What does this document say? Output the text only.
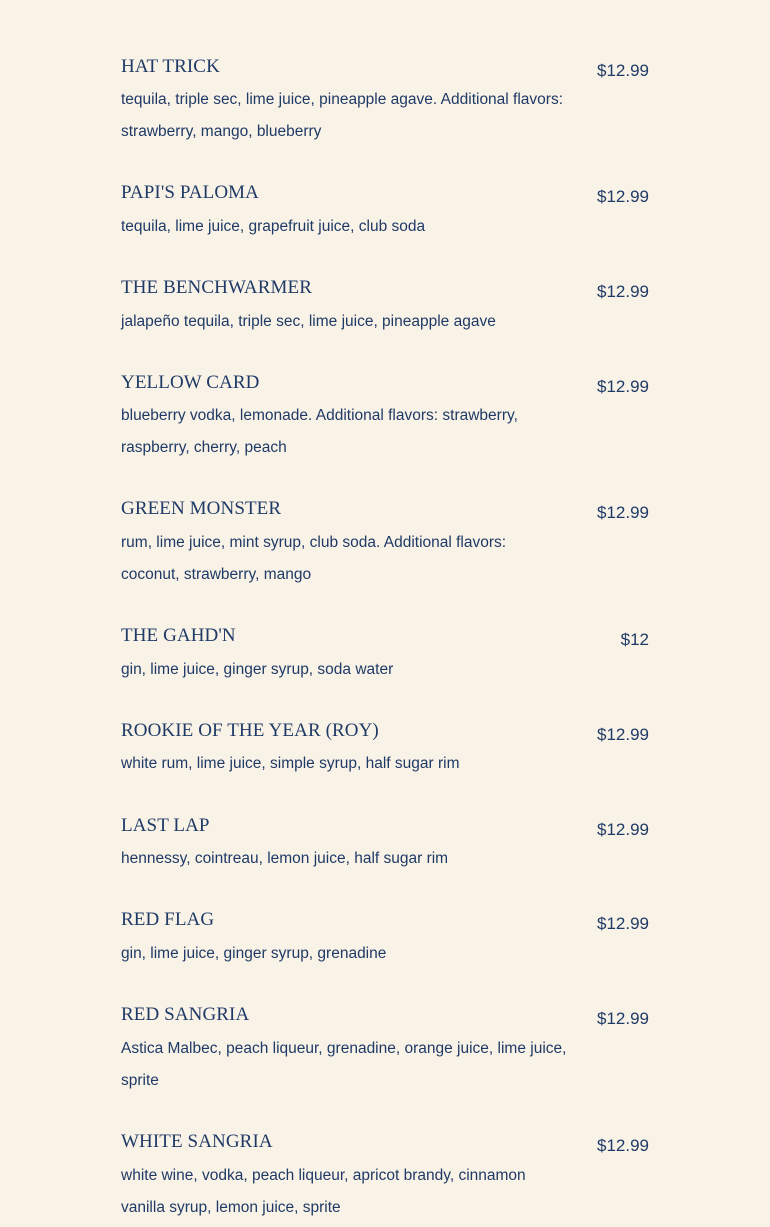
HAT TRICK	$12.99
tequila, triple sec, lime juice, pineapple agave. Additional flavors: strawberry, mango, blueberry
PAPI'S PALOMA	$12.99
tequila, lime juice, grapefruit juice, club soda
THE BENCHWARMER	$12.99
jalapeño tequila, triple sec, lime juice, pineapple agave
YELLOW CARD	$12.99
blueberry vodka, lemonade. Additional flavors: strawberry, raspberry, cherry, peach
GREEN MONSTER	$12.99
rum, lime juice, mint syrup, club soda. Additional flavors: coconut, strawberry, mango
THE GAHD'N	$12
gin, lime juice, ginger syrup, soda water
ROOKIE OF THE YEAR (ROY)	$12.99
white rum, lime juice, simple syrup, half sugar rim
LAST LAP	$12.99
hennessy, cointreau, lemon juice, half sugar rim
RED FLAG	$12.99
gin, lime juice, ginger syrup, grenadine
RED SANGRIA	$12.99
Astica Malbec, peach liqueur, grenadine, orange juice, lime juice, sprite
WHITE SANGRIA	$12.99
white wine, vodka, peach liqueur, apricot brandy, cinnamon vanilla syrup, lemon juice, sprite
